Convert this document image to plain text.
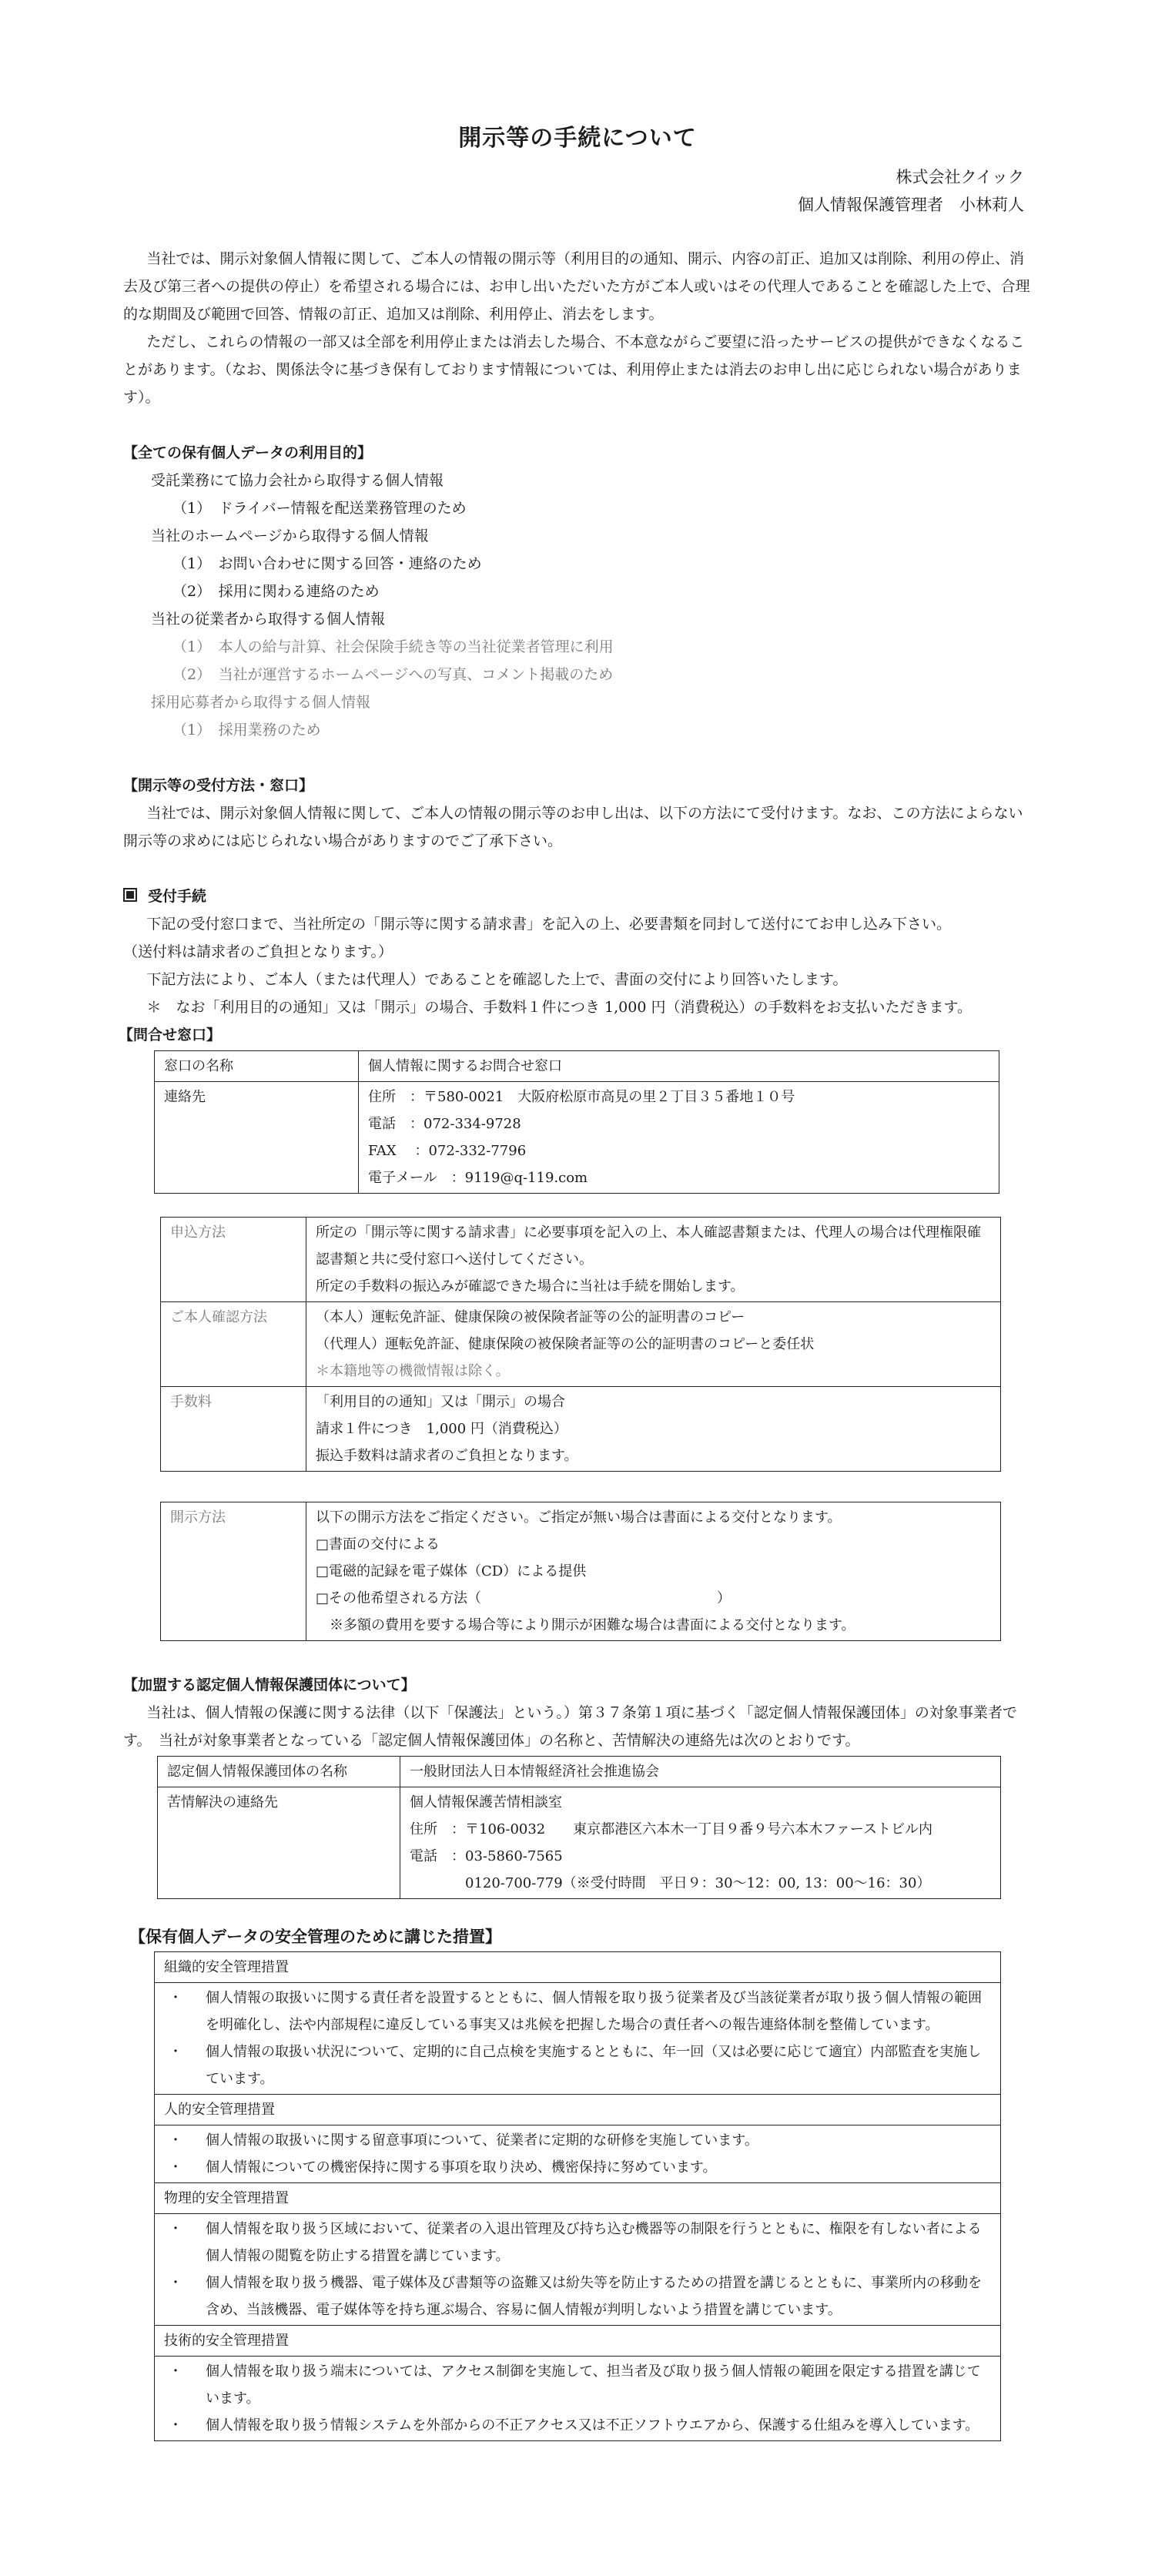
開示等の手続について
株式会社クイック
個人情報保護管理者　小林莉人
当社では、開示対象個人情報に関して、ご本人の情報の開示等（利用目的の通知、開示、内容の訂正、追加又は削除、利用の停止、消去及び第三者への提供の停止）を希望される場合には、お申し出いただいた方がご本人或いはその代理人であることを確認した上で、合理的な期間及び範囲で回答、情報の訂正、追加又は削除、利用停止、消去をします。
ただし、これらの情報の一部又は全部を利用停止または消去した場合、不本意ながらご要望に沿ったサービスの提供ができなくなることがあります。（なお、関係法令に基づき保有しております情報については、利用停止または消去のお申し出に応じられない場合があります）。
【全ての保有個人データの利用目的】
受託業務にて協力会社から取得する個人情報
（1）　ドライバー情報を配送業務管理のため
当社のホームページから取得する個人情報
（1）　お問い合わせに関する回答・連絡のため
（2）　採用に関わる連絡のため
当社の従業者から取得する個人情報
（1）　本人の給与計算、社会保険手続き等の当社従業者管理に利用
（2）　当社が運営するホームページへの写真、コメント掲載のため
採用応募者から取得する個人情報
（1）　採用業務のため
【開示等の受付方法・窓口】
当社では、開示対象個人情報に関して、ご本人の情報の開示等のお申し出は、以下の方法にて受付けます。なお、この方法によらない開示等の求めには応じられない場合がありますのでご了承下さい。
受付手続
下記の受付窓口まで、当社所定の「開示等に関する請求書」を記入の上、必要書類を同封して送付にてお申し込み下さい。
（送付料は請求者のご負担となります。）
下記方法により、ご本人（または代理人）であることを確認した上で、書面の交付により回答いたします。
＊　なお「利用目的の通知」又は「開示」の場合、手数料１件につき 1,000 円（消費税込）の手数料をお支払いただきます。
【問合せ窓口】
窓口の名称	個人情報に関するお問合せ窓口
連絡先	住所　：〒580-0021　大阪府松原市高見の里２丁目３５番地１０号
電話　：072-334-9728
FAX　 ：072-332-7796
電子メール　：9119@q-119.com
申込方法	所定の「開示等に関する請求書」に必要事項を記入の上、本人確認書類または、代理人の場合は代理権限確認書類と共に受付窓口へ送付してください。
所定の手数料の振込みが確認できた場合に当社は手続を開始します。

ご本人確認方法	（本人）運転免許証、健康保険の被保険者証等の公的証明書のコピー
（代理人）運転免許証、健康保険の被保険者証等の公的証明書のコピーと委任状
＊本籍地等の機微情報は除く。

手数料	「利用目的の通知」又は「開示」の場合
請求１件につき　1,000 円（消費税込）
振込手数料は請求者のご負担となります。
開示方法	以下の開示方法をご指定ください。ご指定が無い場合は書面による交付となります。
□書面の交付による
□電磁的記録を電子媒体（CD）による提供
□その他希望される方法（　　　　　　　　　　　　　　　　　）
　※多額の費用を要する場合等により開示が困難な場合は書面による交付となります。
【加盟する認定個人情報保護団体について】
当社は、個人情報の保護に関する法律（以下「保護法」という。）第３７条第１項に基づく「認定個人情報保護団体」の対象事業者です。　当社が対象事業者となっている「認定個人情報保護団体」の名称と、苦情解決の連絡先は次のとおりです。
認定個人情報保護団体の名称	一般財団法人日本情報経済社会推進協会
苦情解決の連絡先	個人情報保護苦情相談室
住所　：〒106-0032　　東京都港区六本木一丁目９番９号六本木ファーストビル内
電話　：03-5860-7565
　　　　0120-700-779（※受付時間　平日９：30～12：00, 13：00～16：30）
【保有個人データの安全管理のために講じた措置】
組織的安全管理措置

・	個人情報の取扱いに関する責任者を設置するとともに、個人情報を取り扱う従業者及び当該従業者が取り扱う個人情報の範囲を明確化し、法や内部規程に違反している事実又は兆候を把握した場合の責任者への報告連絡体制を整備しています。
・	個人情報の取扱い状況について、定期的に自己点検を実施するとともに、年一回（又は必要に応じて適宜）内部監査を実施しています。

人的安全管理措置

・	個人情報の取扱いに関する留意事項について、従業者に定期的な研修を実施しています。
・	個人情報についての機密保持に関する事項を取り決め、機密保持に努めています。

物理的安全管理措置

・	個人情報を取り扱う区域において、従業者の入退出管理及び持ち込む機器等の制限を行うとともに、権限を有しない者による個人情報の閲覧を防止する措置を講じています。
・	個人情報を取り扱う機器、電子媒体及び書類等の盗難又は紛失等を防止するための措置を講じるとともに、事業所内の移動を含め、当該機器、電子媒体等を持ち運ぶ場合、容易に個人情報が判明しないよう措置を講じています。

技術的安全管理措置

・	個人情報を取り扱う端末については、アクセス制御を実施して、担当者及び取り扱う個人情報の範囲を限定する措置を講じています。
・	個人情報を取り扱う情報システムを外部からの不正アクセス又は不正ソフトウエアから、保護する仕組みを導入しています。
